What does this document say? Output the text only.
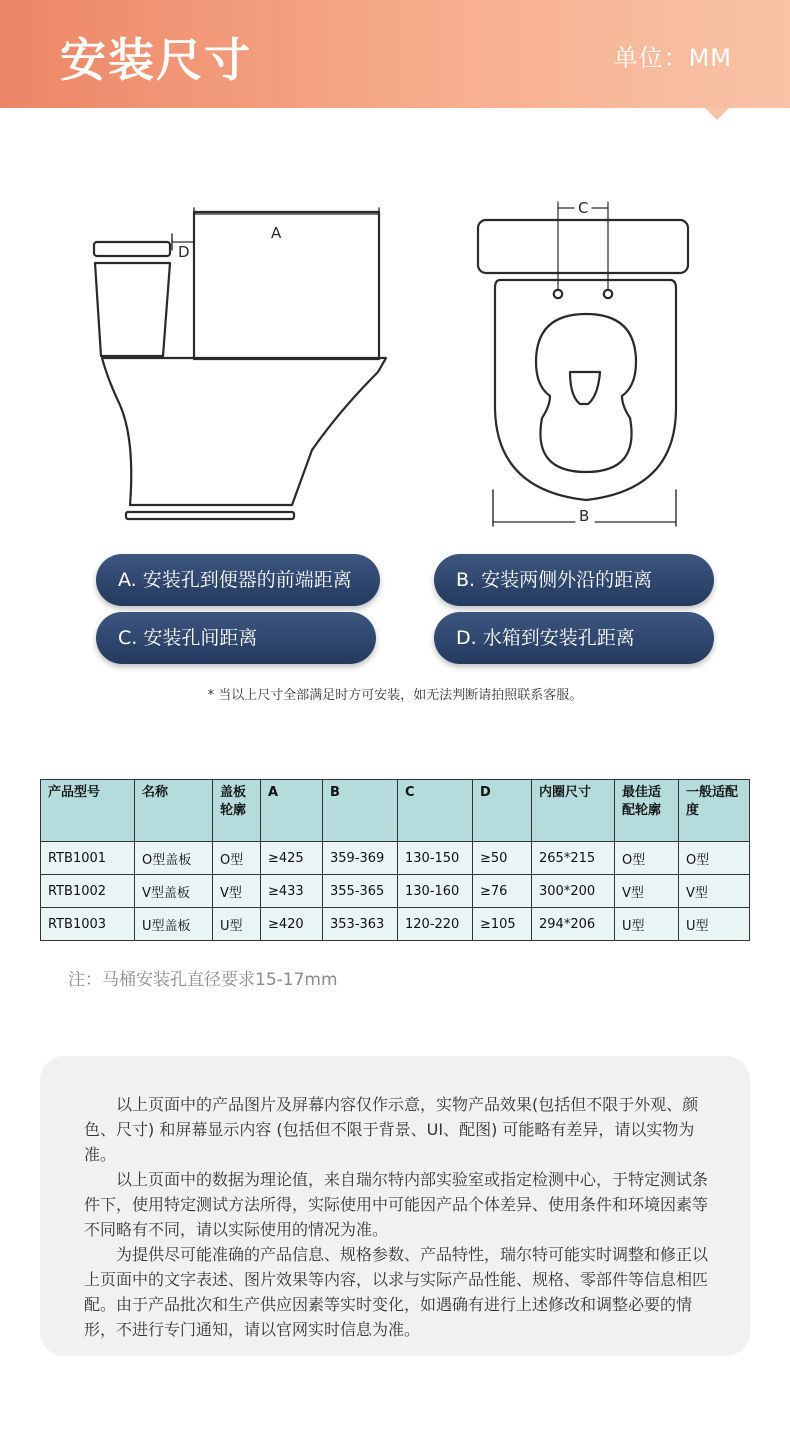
安装尺寸	单位：MM
A
D
C
B
A. 安装孔到便器的前端距离	B. 安装两侧外沿的距离
C. 安装孔间距离	D. 水箱到安装孔距离
* 当以上尺寸全部满足时方可安装，如无法判断请拍照联系客服。
产品型号	名称	盖板轮廓	A	B	C	D	内圈尺寸	最佳适配轮廓	一般适配度
RTB1001	O型盖板	O型	≥425	359-369	130-150	≥50	265*215	O型	O型
RTB1002	V型盖板	V型	≥433	355-365	130-160	≥76	300*200	V型	V型
RTB1003	U型盖板	U型	≥420	353-363	120-220	≥105	294*206	U型	U型
注：马桶安装孔直径要求15-17mm

以上页面中的产品图片及屏幕内容仅作示意，实物产品效果(包括但不限于外观、颜色、尺寸) 和屏幕显示内容 (包括但不限于背景、UI、配图) 可能略有差异，请以实物为准。

以上页面中的数据为理论值，来自瑞尔特内部实验室或指定检测中心，于特定测试条件下，使用特定测试方法所得，实际使用中可能因产品个体差异、使用条件和环境因素等不同略有不同，请以实际使用的情况为准。

为提供尽可能准确的产品信息、规格参数、产品特性，瑞尔特可能实时调整和修正以上页面中的文字表述、图片效果等内容，以求与实际产品性能、规格、零部件等信息相匹配。由于产品批次和生产供应因素等实时变化，如遇确有进行上述修改和调整必要的情形，不进行专门通知，请以官网实时信息为准。
